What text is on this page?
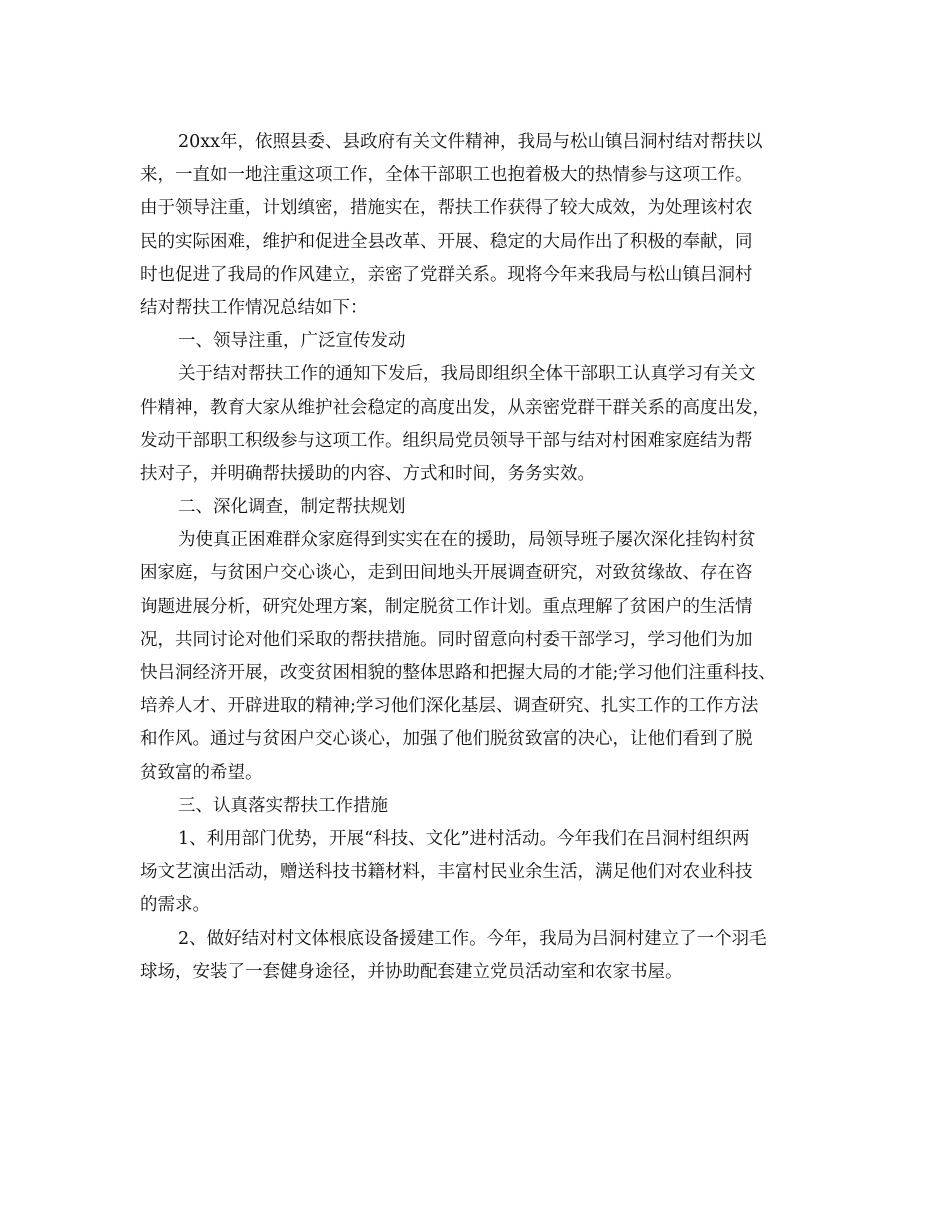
20xx年，依照县委、县政府有关文件精神，我局与松山镇吕洞村结对帮扶以
来，一直如一地注重这项工作，全体干部职工也抱着极大的热情参与这项工作。
由于领导注重，计划缜密，措施实在，帮扶工作获得了较大成效，为处理该村农
民的实际困难，维护和促进全县改革、开展、稳定的大局作出了积极的奉献，同
时也促进了我局的作风建立，亲密了党群关系。现将今年来我局与松山镇吕洞村
结对帮扶工作情况总结如下：
一、领导注重，广泛宣传发动
关于结对帮扶工作的通知下发后，我局即组织全体干部职工认真学习有关文
件精神，教育大家从维护社会稳定的高度出发，从亲密党群干群关系的高度出发，
发动干部职工积级参与这项工作。组织局党员领导干部与结对村困难家庭结为帮
扶对子，并明确帮扶援助的内容、方式和时间，务务实效。
二、深化调查，制定帮扶规划
为使真正困难群众家庭得到实实在在的援助，局领导班子屡次深化挂钩村贫
困家庭，与贫困户交心谈心，走到田间地头开展调查研究，对致贫缘故、存在咨
询题进展分析，研究处理方案，制定脱贫工作计划。重点理解了贫困户的生活情
况，共同讨论对他们采取的帮扶措施。同时留意向村委干部学习，学习他们为加
快吕洞经济开展，改变贫困相貌的整体思路和把握大局的才能;学习他们注重科技、
培养人才、开辟进取的精神;学习他们深化基层、调查研究、扎实工作的工作方法
和作风。通过与贫困户交心谈心，加强了他们脱贫致富的决心，让他们看到了脱
贫致富的希望。
三、认真落实帮扶工作措施
1、利用部门优势，开展“科技、文化”进村活动。今年我们在吕洞村组织两
场文艺演出活动，赠送科技书籍材料，丰富村民业余生活，满足他们对农业科技
的需求。
2、做好结对村文体根底设备援建工作。今年，我局为吕洞村建立了一个羽毛
球场，安装了一套健身途径，并协助配套建立党员活动室和农家书屋。
